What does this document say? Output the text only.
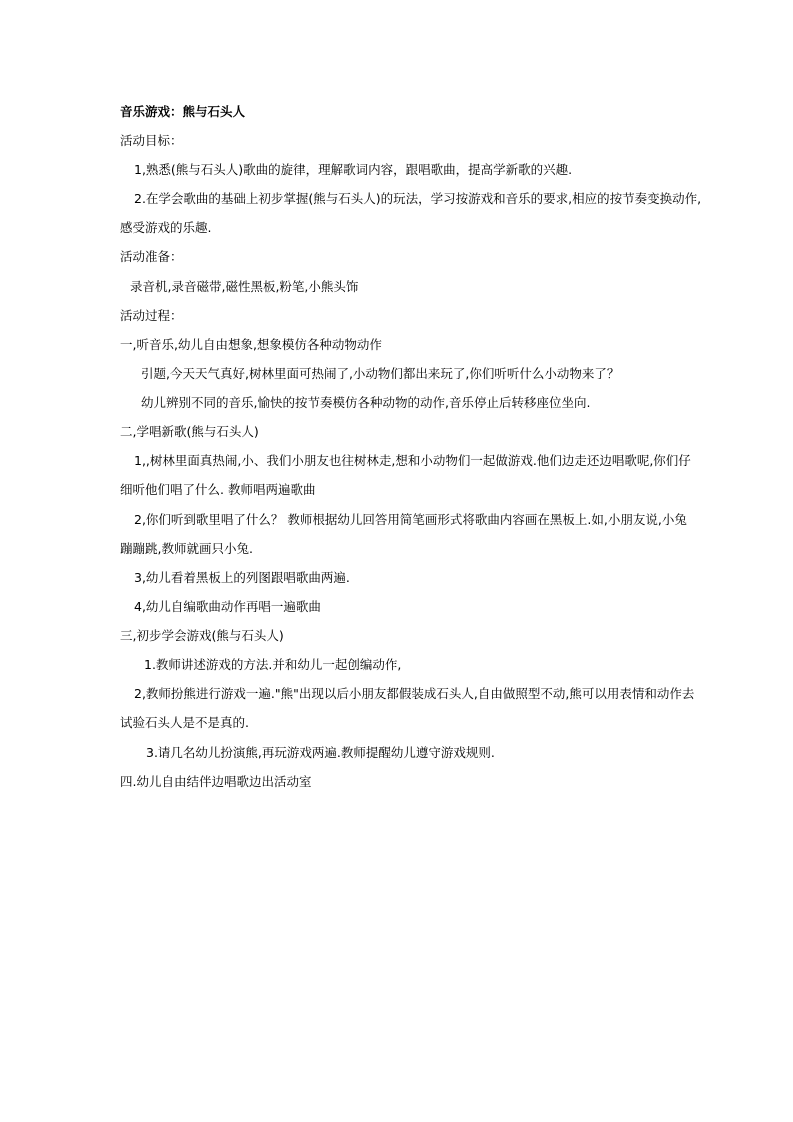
音乐游戏：熊与石头人
活动目标：
1,熟悉(熊与石头人)歌曲的旋律，理解歌词内容，跟唱歌曲，提高学新歌的兴趣.
2.在学会歌曲的基础上初步掌握(熊与石头人)的玩法，学习按游戏和音乐的要求,相应的按节奏变换动作,
感受游戏的乐趣.
活动准备：
录音机,录音磁带,磁性黑板,粉笔,小熊头饰
活动过程：
一,听音乐,幼儿自由想象,想象模仿各种动物动作
引题,今天天气真好,树林里面可热闹了,小动物们都出来玩了,你们听听什么小动物来了？
幼儿辨别不同的音乐,愉快的按节奏模仿各种动物的动作,音乐停止后转移座位坐向.
二,学唱新歌(熊与石头人)
1,,树林里面真热闹,小、我们小朋友也往树林走,想和小动物们一起做游戏.他们边走还边唱歌呢,你们仔
细听他们唱了什么. 教师唱两遍歌曲
2,你们听到歌里唱了什么？ 教师根据幼儿回答用简笔画形式将歌曲内容画在黑板上.如,小朋友说,小兔
蹦蹦跳,教师就画只小兔.
3,幼儿看着黑板上的列图跟唱歌曲两遍.
4,幼儿自编歌曲动作再唱一遍歌曲
三,初步学会游戏(熊与石头人)
1.教师讲述游戏的方法.并和幼儿一起创编动作,
2,教师扮熊进行游戏一遍."熊"出现以后小朋友都假装成石头人,自由做照型不动,熊可以用表情和动作去
试验石头人是不是真的.
3.请几名幼儿扮演熊,再玩游戏两遍.教师提醒幼儿遵守游戏规则.
四.幼儿自由结伴边唱歌边出活动室
